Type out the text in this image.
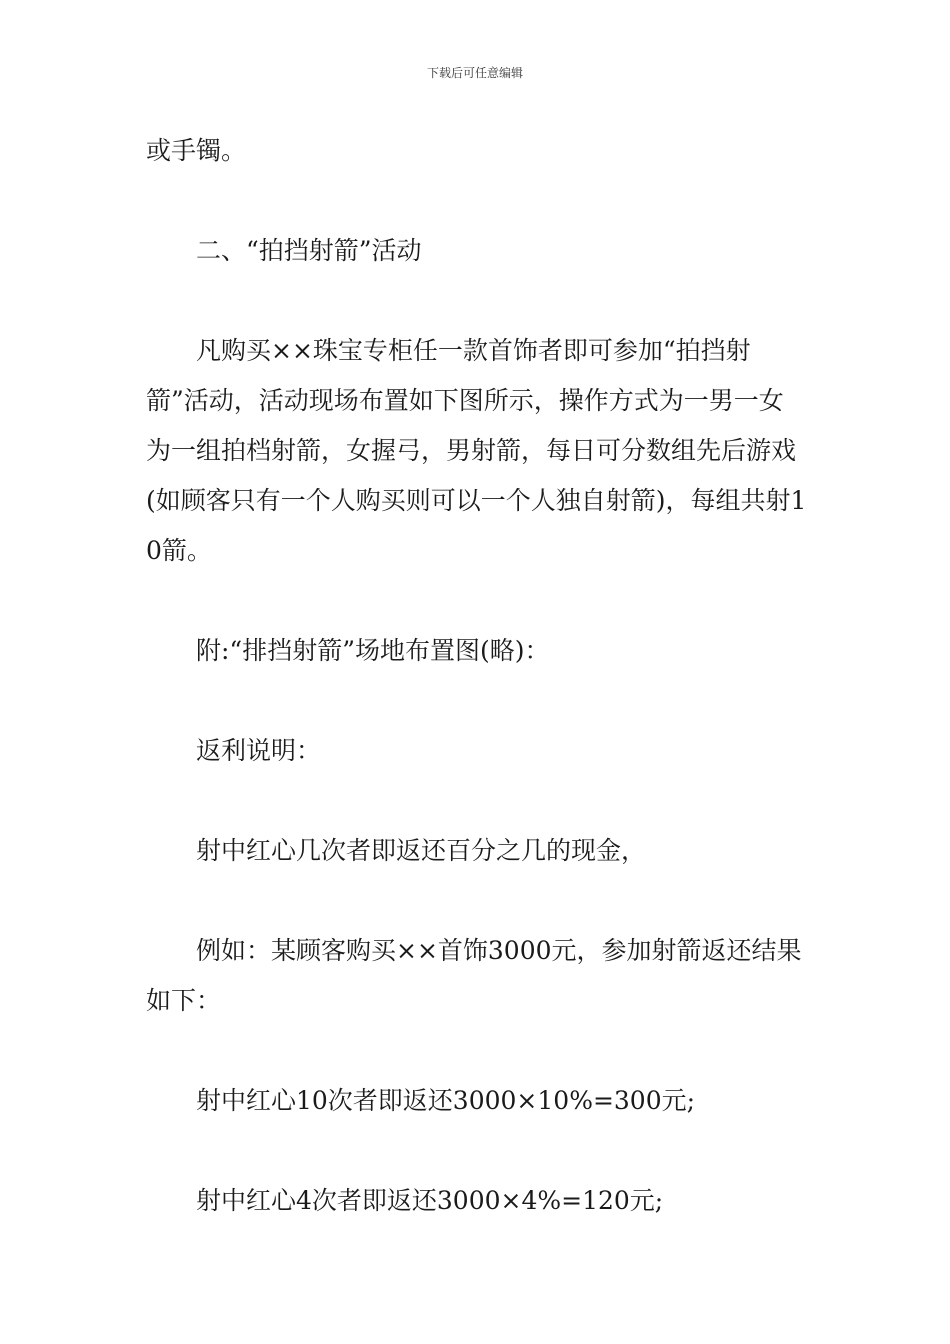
下载后可任意编辑

或手镯。

二、“拍挡射箭”活动

凡购买××珠宝专柜任一款首饰者即可参加“拍挡射箭”活动，活动现场布置如下图所示，操作方式为一男一女为一组拍档射箭，女握弓，男射箭，每日可分数组先后游戏(如顾客只有一个人购买则可以一个人独自射箭)，每组共射10箭。

附:“排挡射箭”场地布置图(略)：

返利说明：

射中红心几次者即返还百分之几的现金，

例如：某顾客购买××首饰3000元，参加射箭返还结果如下：

射中红心10次者即返还3000×10%=300元;

射中红心4次者即返还3000×4%=120元;
